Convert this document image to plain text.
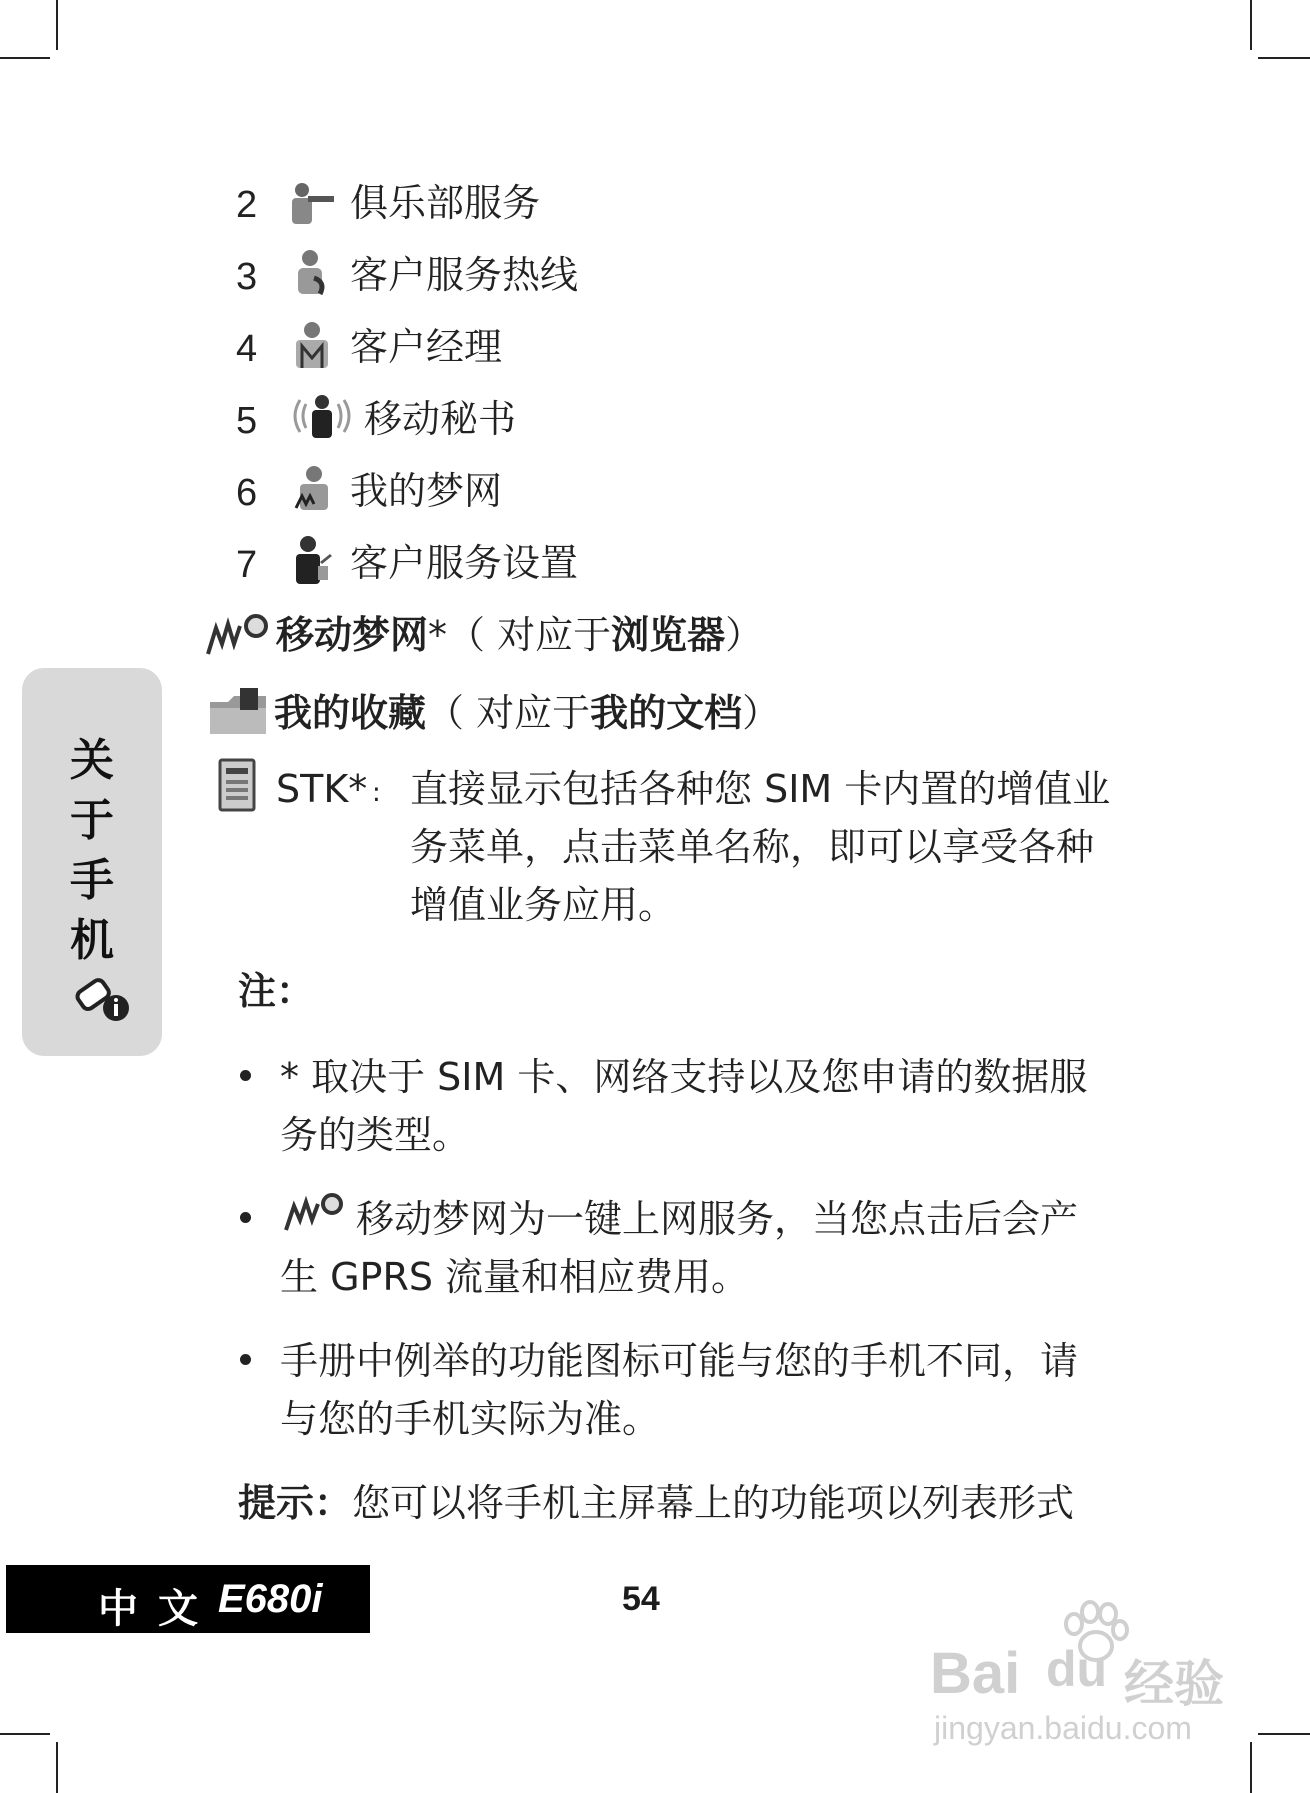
2 俱乐部服务
3 客户服务热线
4 客户经理
5	移动秘书
6 我的梦网
7 客户服务设置
移动梦网*（ 对应于浏览器）
我的收藏（ 对应于我的文档）
STK* : 直接显示包括各种您 SIM 卡内置的增值业
务菜单，点击菜单名称，即可以享受各种
增值业务应用。
注：
* 取决于 SIM 卡、网络支持以及您申请的数据服
务的类型。
移动梦网为一键上网服务，当您点击后会产
生 GPRS 流量和相应费用。
手册中例举的功能图标可能与您的手机不同，请
与您的手机实际为准。
提示：您可以将手机主屏幕上的功能项以列表形式
关
于
手
机
中 文 E680i	54
Bai du 经验
jingyan.baidu.com
